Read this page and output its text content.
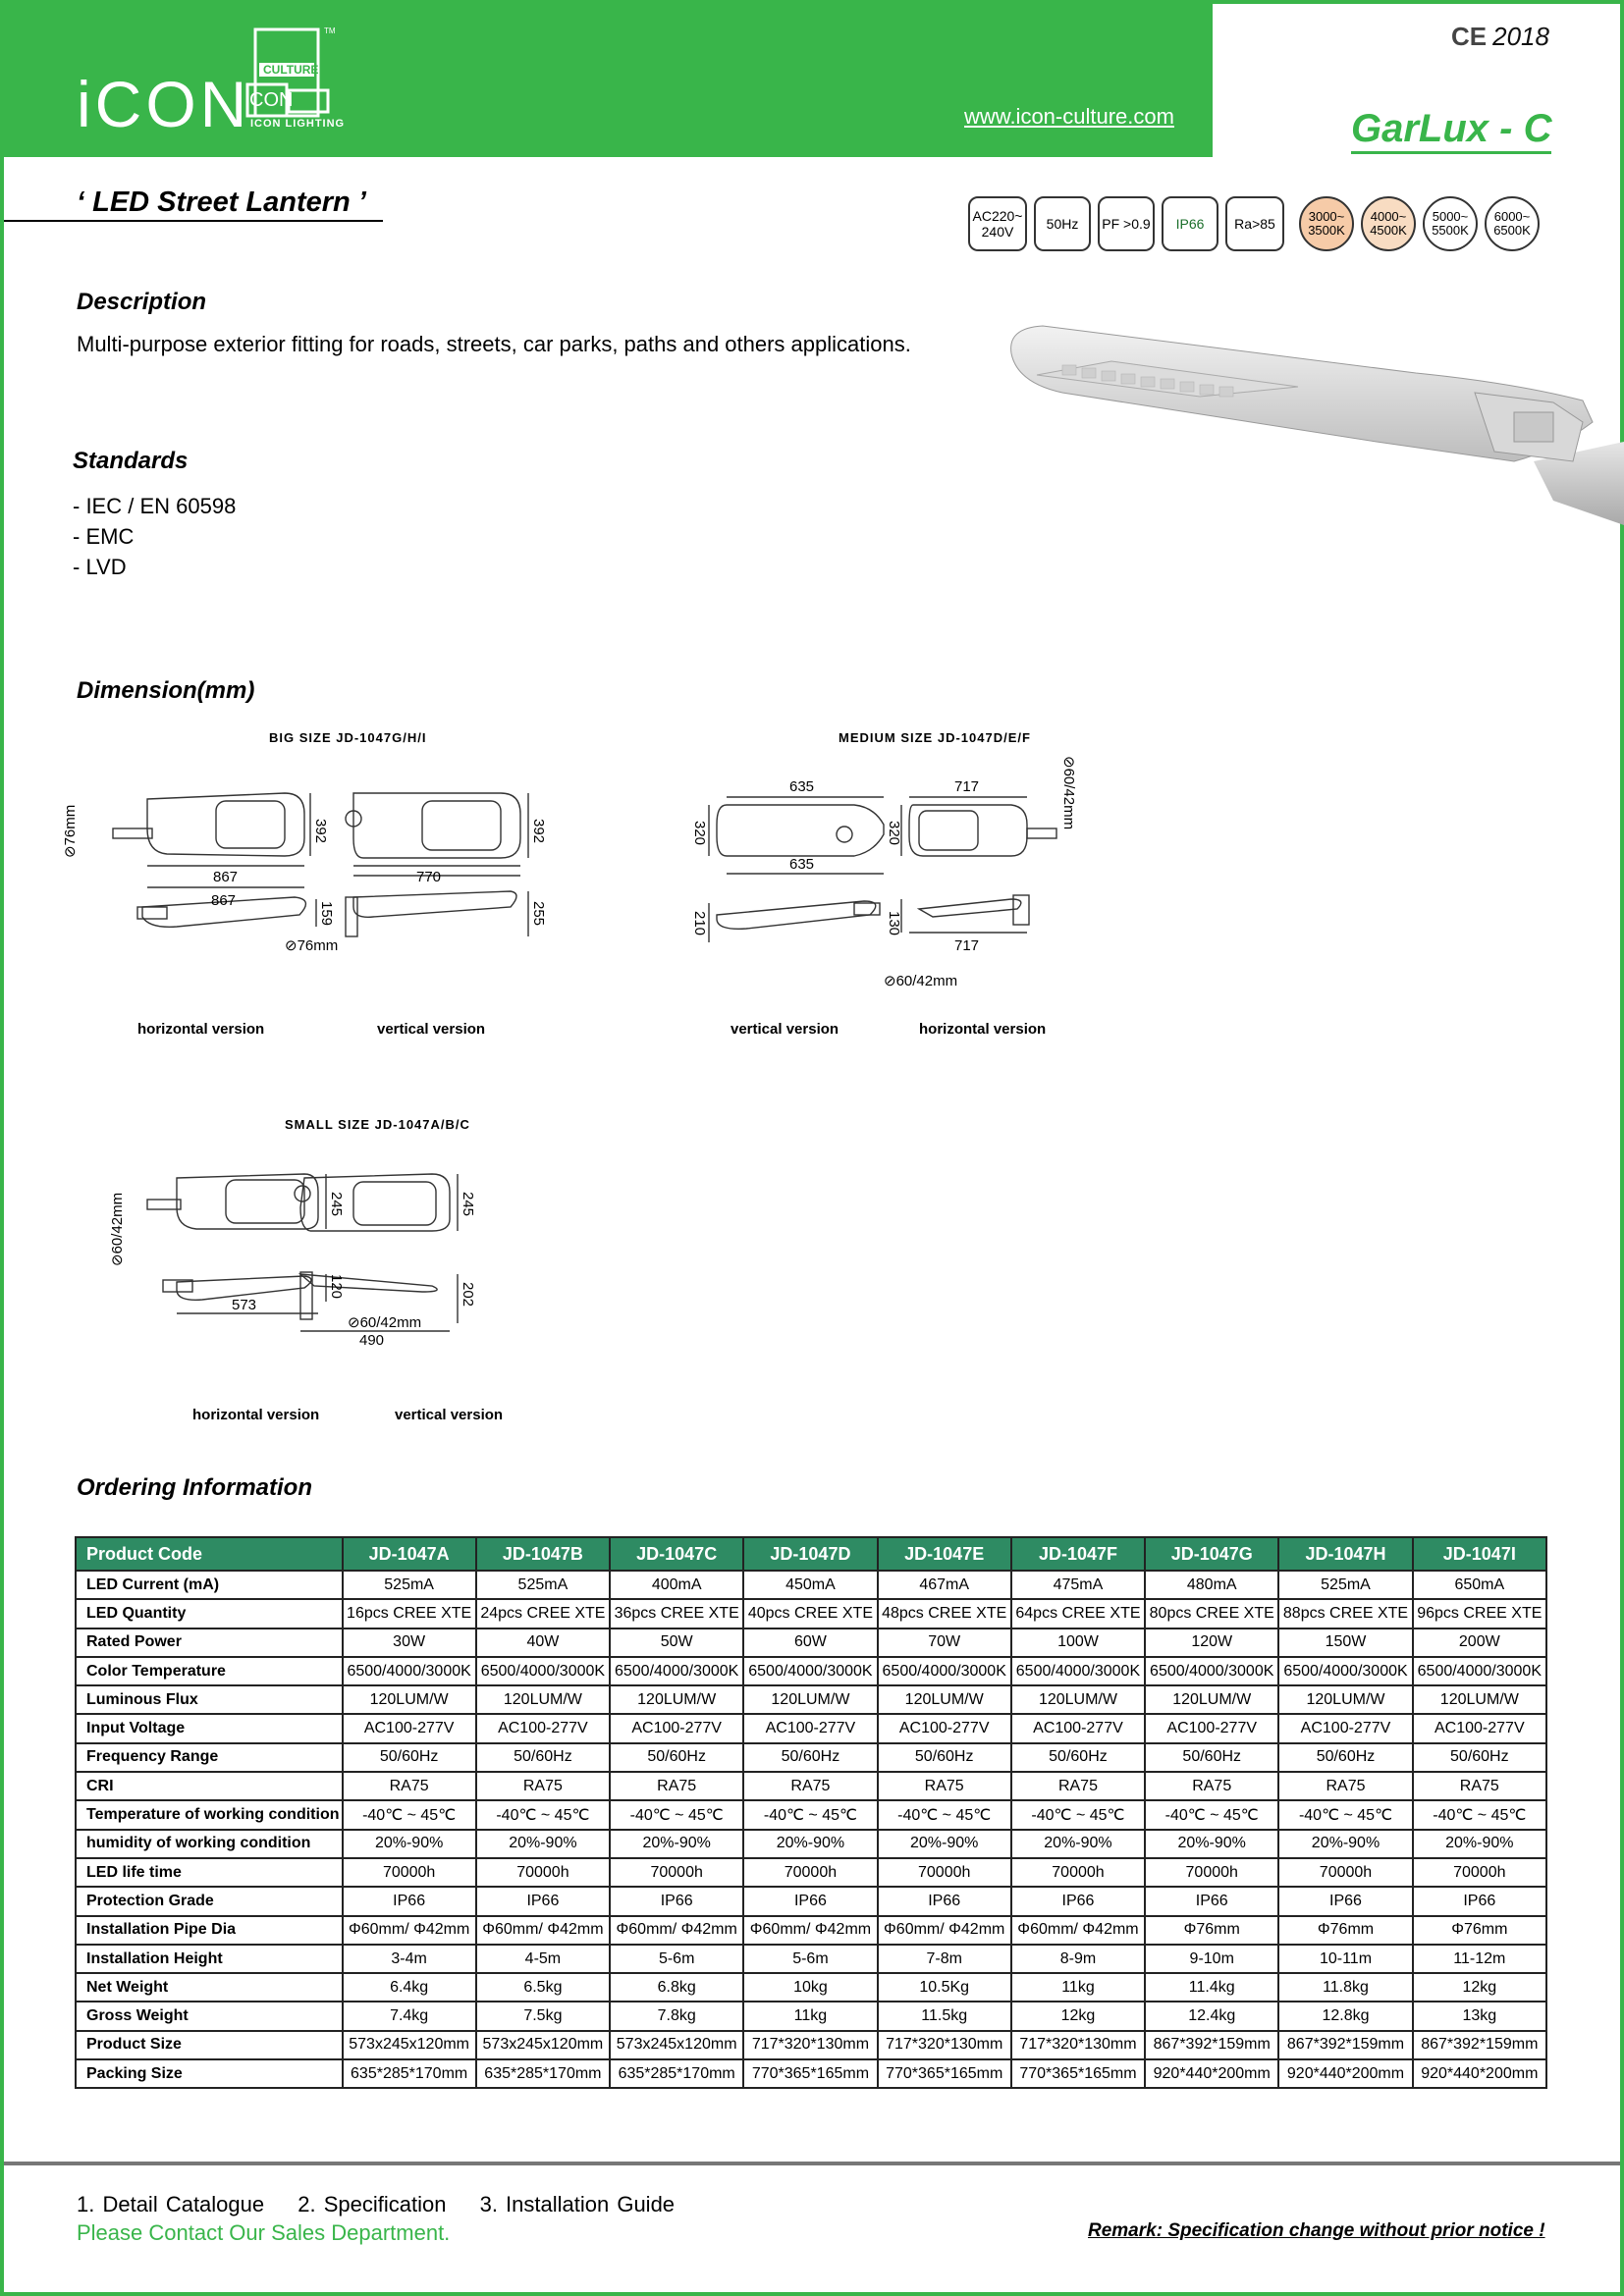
iCON CULTURE
CON
TM
ICON LIGHTING	www.icon-culture.com
CE 2018
GarLux - C
‘ LED Street Lantern ’	AC220~ 240V	50Hz	PF >0.9	IP66	Ra>85	3000~ 3500K
4000~ 4500K
5000~ 5500K
6000~ 6500K
Description
Multi-purpose exterior fitting for roads, streets, car parks, paths and others applications.
Standards
- IEC / EN 60598
- EMC
- LVD
Dimension(mm)
BIG SIZE JD-1047G/H/I
867
867
392	392
770
159	255
⊘76mm
⊘76mm
horizontal version	vertical version
MEDIUM SIZE JD-1047D/E/F
635
635
717
717
320	320
210	130
⊘60/42mm
⊘60/42mm
vertical version	horizontal version
SMALL SIZE JD-1047A/B/C
245	245
120	202
573
490
⊘60/42mm
⊘60/42mm
horizontal version	vertical version
Ordering Information
Product Code	JD-1047A	JD-1047B	JD-1047C	JD-1047D	JD-1047E	JD-1047F	JD-1047G	JD-1047H	JD-1047I
LED Current (mA)	525mA	525mA	400mA	450mA	467mA	475mA	480mA	525mA	650mA
LED Quantity	16pcs CREE XTE	24pcs CREE XTE	36pcs CREE XTE	40pcs CREE XTE	48pcs CREE XTE	64pcs CREE XTE	80pcs CREE XTE	88pcs CREE XTE	96pcs CREE XTE
Rated Power	30W	40W	50W	60W	70W	100W	120W	150W	200W
Color Temperature	6500/4000/3000K	6500/4000/3000K	6500/4000/3000K	6500/4000/3000K	6500/4000/3000K	6500/4000/3000K	6500/4000/3000K	6500/4000/3000K	6500/4000/3000K
Luminous Flux	120LUM/W	120LUM/W	120LUM/W	120LUM/W	120LUM/W	120LUM/W	120LUM/W	120LUM/W	120LUM/W
Input Voltage	AC100-277V	AC100-277V	AC100-277V	AC100-277V	AC100-277V	AC100-277V	AC100-277V	AC100-277V	AC100-277V
Frequency Range	50/60Hz	50/60Hz	50/60Hz	50/60Hz	50/60Hz	50/60Hz	50/60Hz	50/60Hz	50/60Hz
CRI	RA75	RA75	RA75	RA75	RA75	RA75	RA75	RA75	RA75
Temperature of working condition	-40℃ ~ 45℃	-40℃ ~ 45℃	-40℃ ~ 45℃	-40℃ ~ 45℃	-40℃ ~ 45℃	-40℃ ~ 45℃	-40℃ ~ 45℃	-40℃ ~ 45℃	-40℃ ~ 45℃
humidity of working condition	20%-90%	20%-90%	20%-90%	20%-90%	20%-90%	20%-90%	20%-90%	20%-90%	20%-90%
LED life time	70000h	70000h	70000h	70000h	70000h	70000h	70000h	70000h	70000h
Protection Grade	IP66	IP66	IP66	IP66	IP66	IP66	IP66	IP66	IP66
Installation Pipe Dia	Φ60mm/ Φ42mm	Φ60mm/ Φ42mm	Φ60mm/ Φ42mm	Φ60mm/ Φ42mm	Φ60mm/ Φ42mm	Φ60mm/ Φ42mm	Φ76mm	Φ76mm	Φ76mm
Installation Height	3-4m	4-5m	5-6m	5-6m	7-8m	8-9m	9-10m	10-11m	11-12m
Net Weight	6.4kg	6.5kg	6.8kg	10kg	10.5Kg	11kg	11.4kg	11.8kg	12kg
Gross Weight	7.4kg	7.5kg	7.8kg	11kg	11.5kg	12kg	12.4kg	12.8kg	13kg
Product Size	573x245x120mm	573x245x120mm	573x245x120mm	717*320*130mm	717*320*130mm	717*320*130mm	867*392*159mm	867*392*159mm	867*392*159mm
Packing Size	635*285*170mm	635*285*170mm	635*285*170mm	770*365*165mm	770*365*165mm	770*365*165mm	920*440*200mm	920*440*200mm	920*440*200mm
1. Detail Catalogue 2. Specification 3. Installation Guide
Please Contact Our Sales Department.	Remark: Specification change without prior notice !
